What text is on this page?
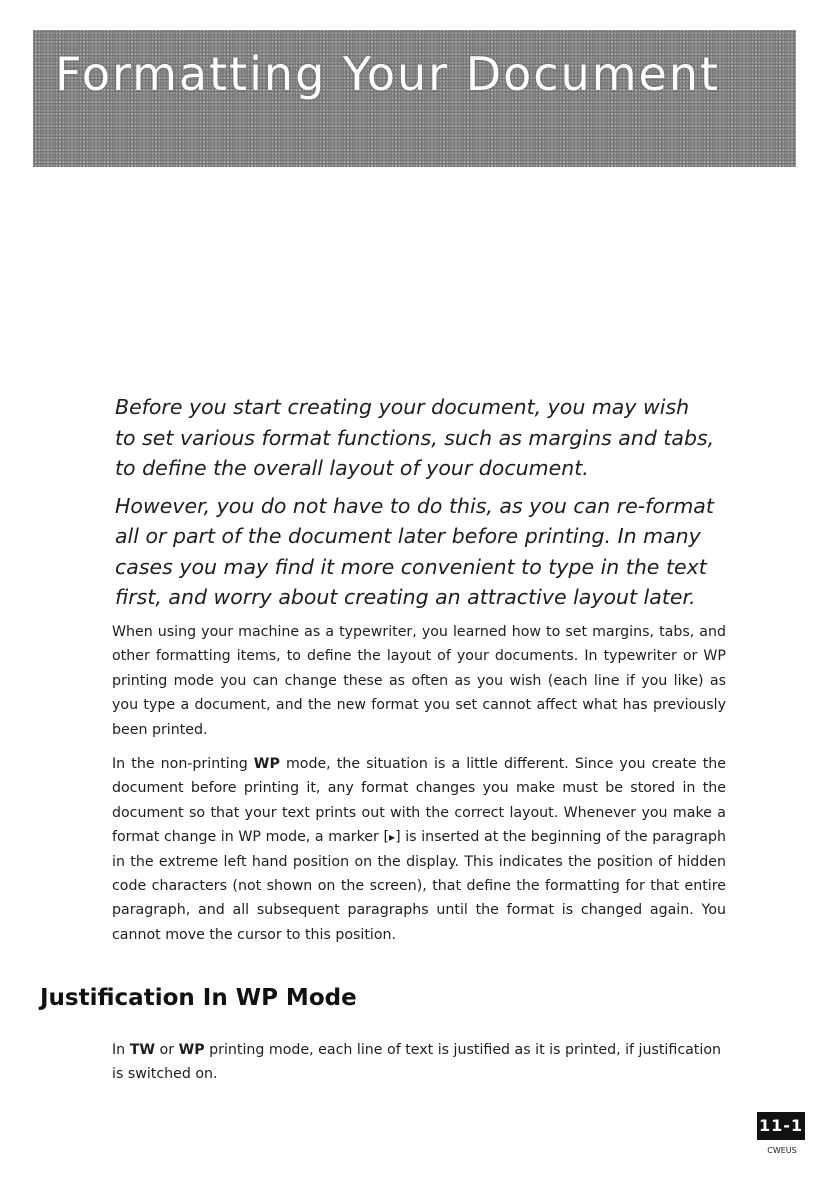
Formatting Your Document

Before you start creating your document, you may wish to set various format functions, such as margins and tabs, to define the overall layout of your document.

However, you do not have to do this, as you can re-format all or part of the document later before printing. In many cases you may find it more convenient to type in the text first, and worry about creating an attractive layout later.

When using your machine as a typewriter, you learned how to set margins, tabs, and other formatting items, to define the layout of your documents. In typewriter or WP printing mode you can change these as often as you wish (each line if you like) as you type a document, and the new format you set cannot affect what has previously been printed.

In the non-printing WP mode, the situation is a little different. Since you create the document before printing it, any format changes you make must be stored in the document so that your text prints out with the correct layout. Whenever you make a format change in WP mode, a marker [▸] is inserted at the beginning of the paragraph in the extreme left hand position on the display. This indicates the position of hidden code characters (not shown on the screen), that define the formatting for that entire paragraph, and all subsequent paragraphs until the format is changed again. You cannot move the cursor to this position.

Justification In WP Mode
In TW or WP printing mode, each line of text is justified as it is printed, if justification is switched on.
11-1
CWEUS
